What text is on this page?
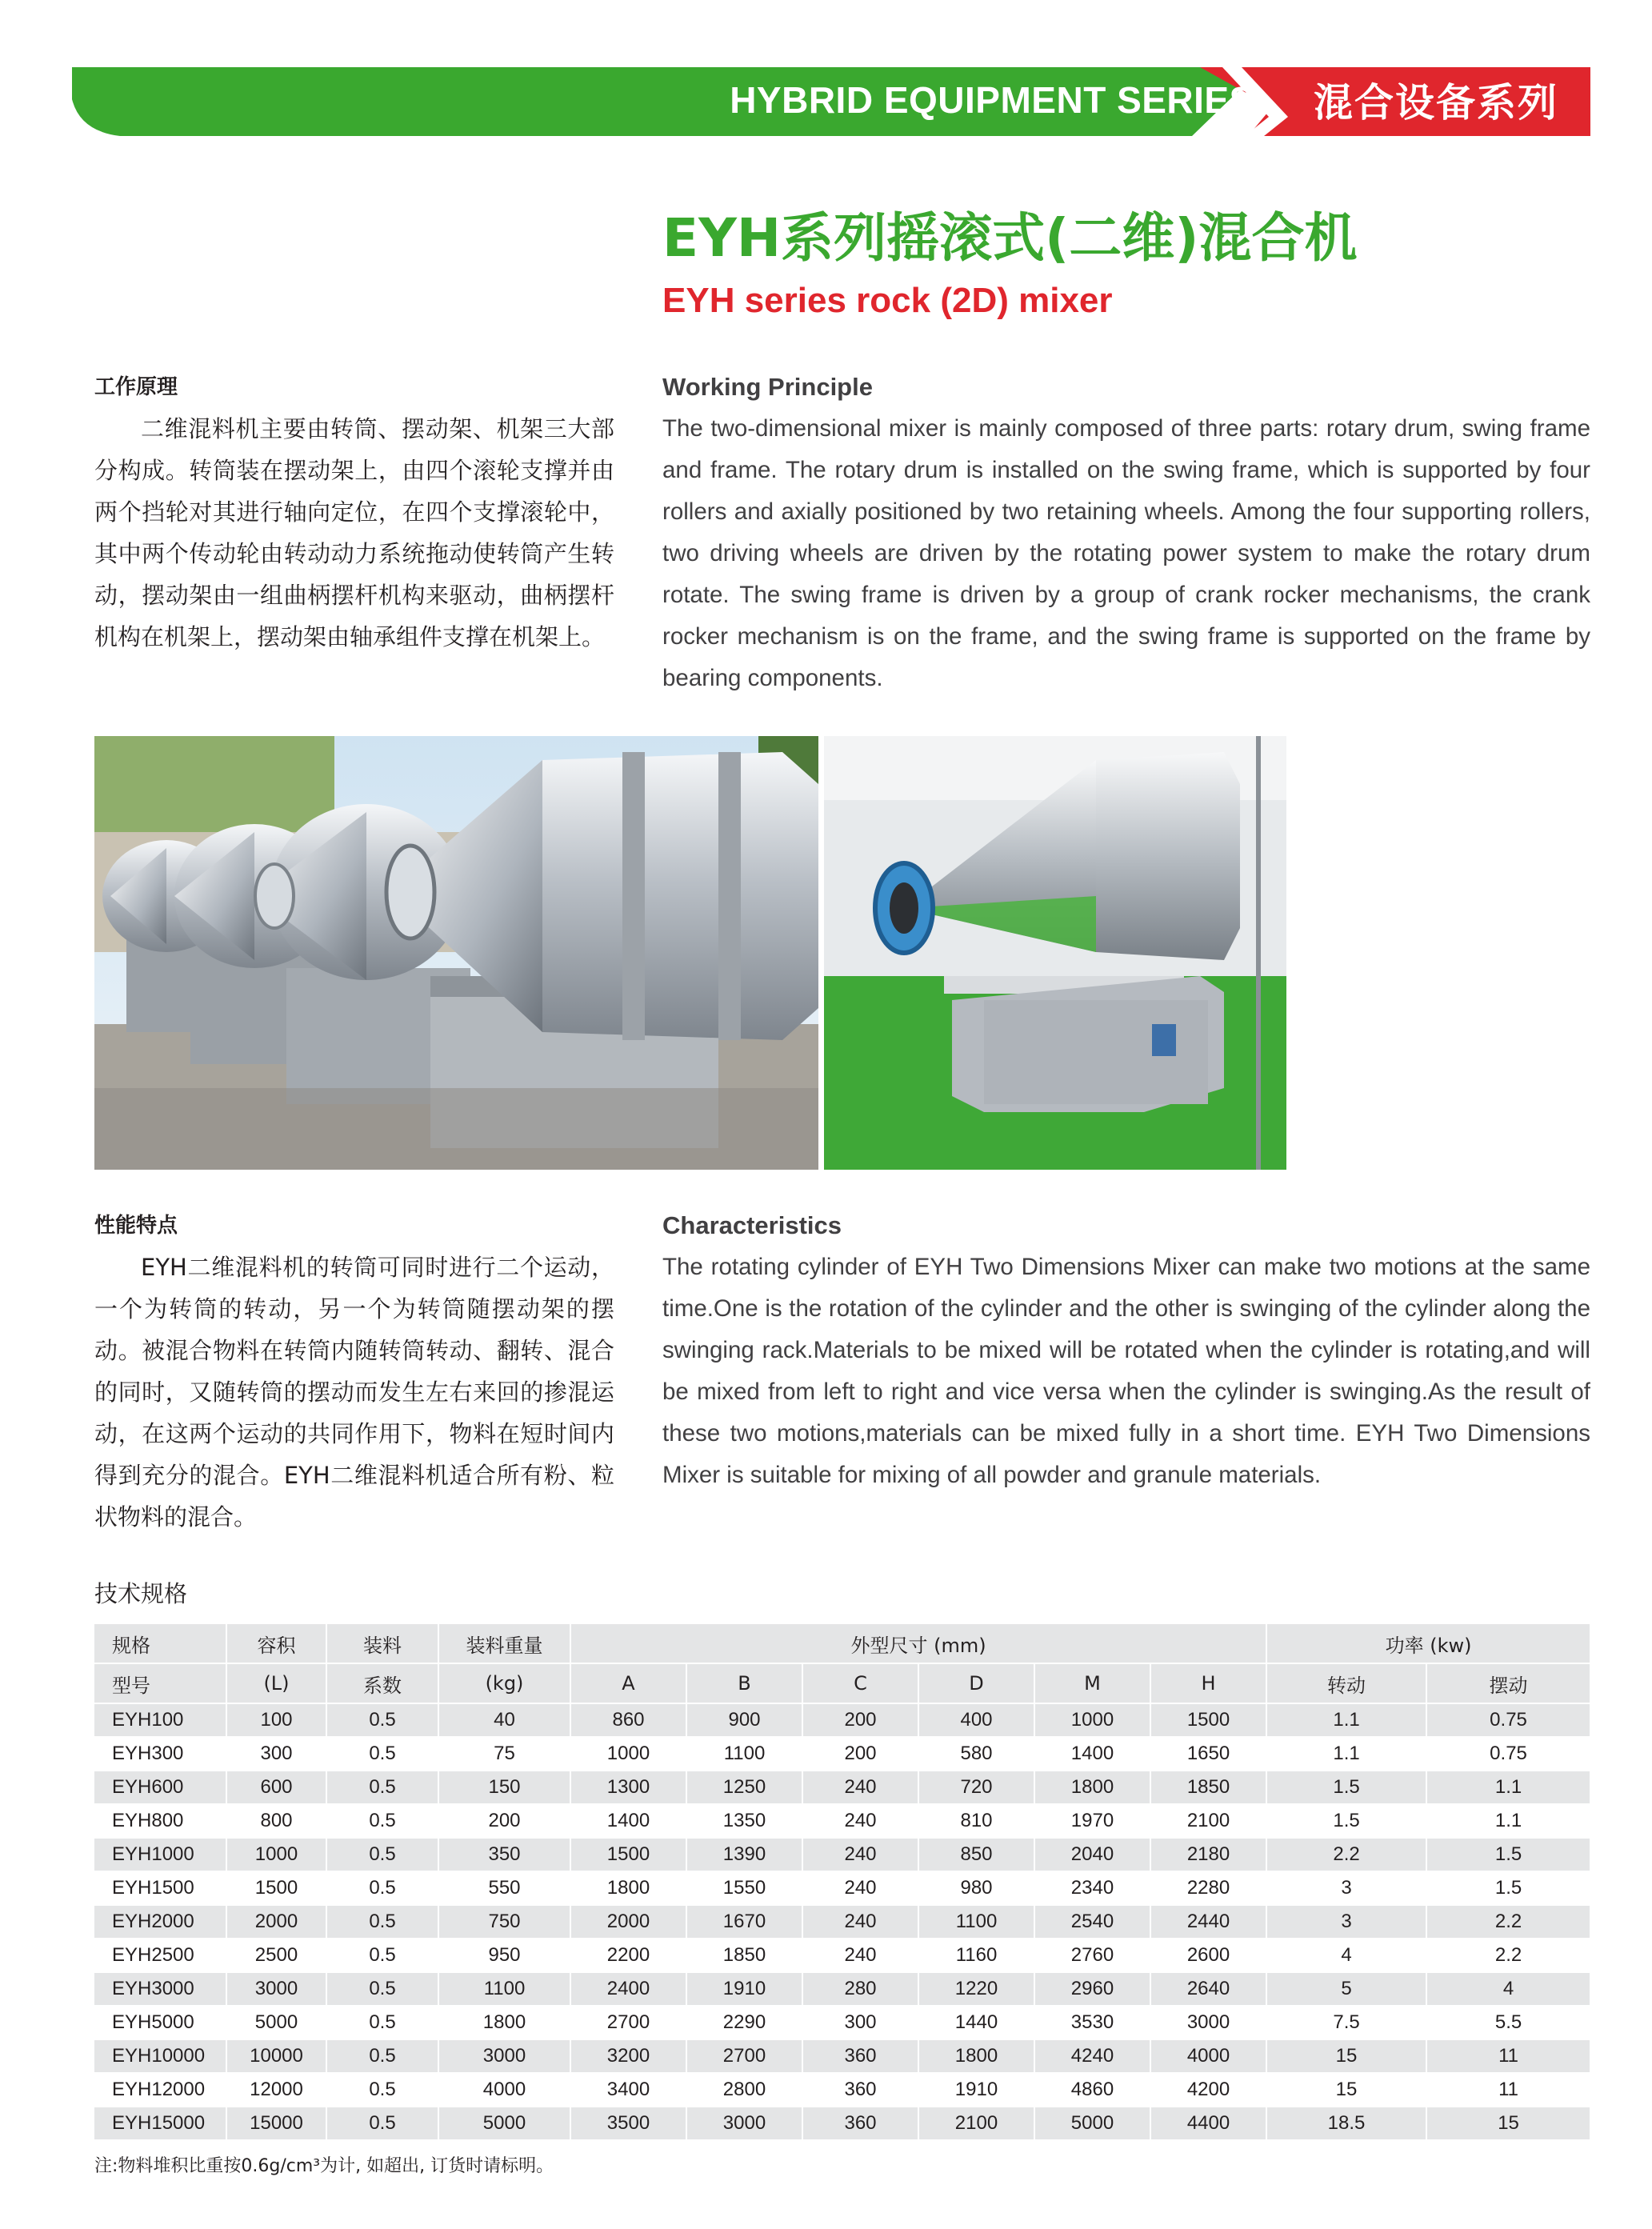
HYBRID EQUIPMENT SERIES	混合设备系列
EYH系列摇滚式(二维)混合机
EYH series rock (2D) mixer
工作原理

二维混料机主要由转筒、摆动架、机架三大部分构成。转筒装在摆动架上，由四个滚轮支撑并由两个挡轮对其进行轴向定位，在四个支撑滚轮中，其中两个传动轮由转动动力系统拖动使转筒产生转动，摆动架由一组曲柄摆杆机构来驱动，曲柄摆杆机构在机架上，摆动架由轴承组件支撑在机架上。

Working Principle

The two-dimensional mixer is mainly composed of three parts: rotary drum, swing frame and frame. The rotary drum is installed on the swing frame, which is supported by four rollers and axially positioned by two retaining wheels. Among the four supporting rollers, two driving wheels are driven by the rotating power system to make the rotary drum rotate. The swing frame is driven by a group of crank rocker mechanisms, the crank rocker mechanism is on the frame, and the swing frame is supported on the frame by bearing components.

性能特点

EYH二维混料机的转筒可同时进行二个运动，一个为转筒的转动，另一个为转筒随摆动架的摆动。被混合物料在转筒内随转筒转动、翻转、混合的同时，又随转筒的摆动而发生左右来回的掺混运动，在这两个运动的共同作用下，物料在短时间内得到充分的混合。EYH二维混料机适合所有粉、粒状物料的混合。

Characteristics

The rotating cylinder of EYH Two Dimensions Mixer can make two motions at the same time.One is the rotation of the cylinder and the other is swinging of the cylinder along the swinging rack.Materials to be mixed will be rotated when the cylinder is rotating,and will be mixed from left to right and vice versa when the cylinder is swinging.As the result of these two motions,materials can be mixed fully in a short time. EYH Two Dimensions Mixer is suitable for mixing of all powder and granule materials.

技术规格
规格	容积	装料	装料重量	外型尺寸 (mm)						功率 (kw)	
型号	(L)	系数	(kg)	A	B	C	D	M	H	转动	摆动
EYH100	100	0.5	40	860	900	200	400	1000	1500	1.1	0.75
EYH300	300	0.5	75	1000	1100	200	580	1400	1650	1.1	0.75
EYH600	600	0.5	150	1300	1250	240	720	1800	1850	1.5	1.1
EYH800	800	0.5	200	1400	1350	240	810	1970	2100	1.5	1.1
EYH1000	1000	0.5	350	1500	1390	240	850	2040	2180	2.2	1.5
EYH1500	1500	0.5	550	1800	1550	240	980	2340	2280	3	1.5
EYH2000	2000	0.5	750	2000	1670	240	1100	2540	2440	3	2.2
EYH2500	2500	0.5	950	2200	1850	240	1160	2760	2600	4	2.2
EYH3000	3000	0.5	1100	2400	1910	280	1220	2960	2640	5	4
EYH5000	5000	0.5	1800	2700	2290	300	1440	3530	3000	7.5	5.5
EYH10000	10000	0.5	3000	3200	2700	360	1800	4240	4000	15	11
EYH12000	12000	0.5	4000	3400	2800	360	1910	4860	4200	15	11
EYH15000	15000	0.5	5000	3500	3000	360	2100	5000	4400	18.5	15
注:物料堆积比重按0.6g/cm³为计, 如超出, 订货时请标明。
